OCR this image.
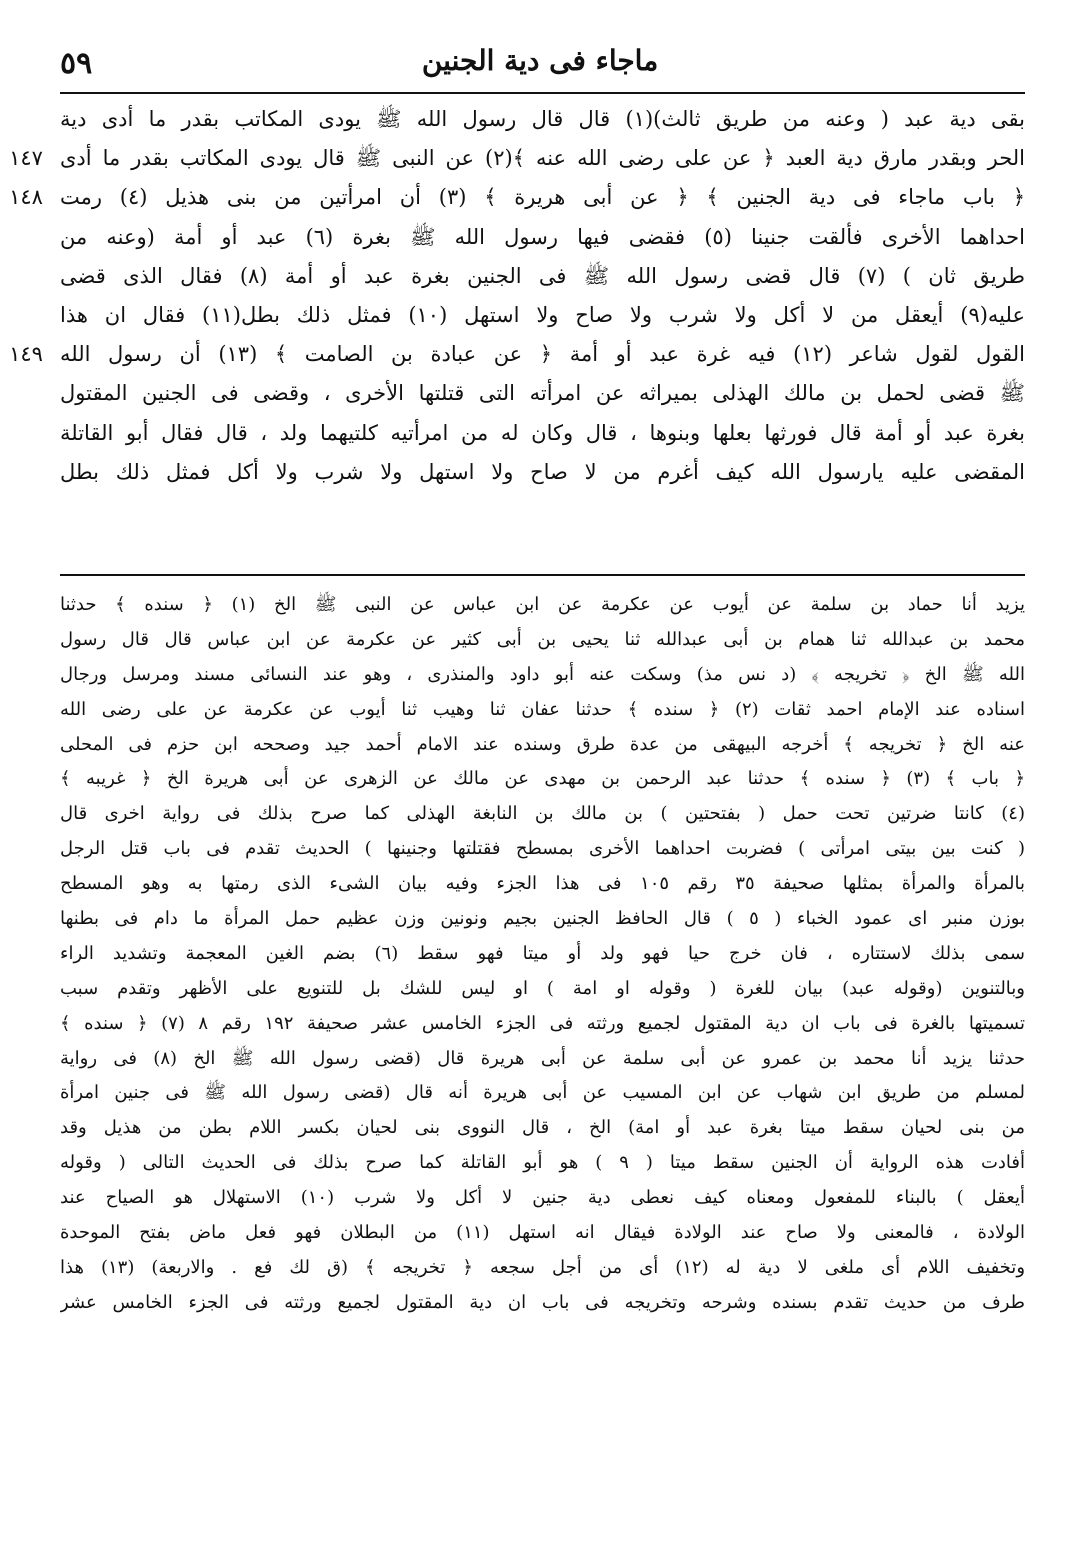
٥٩	ماجاء فى دية الجنين
بقى دية عبد ( وعنه من طريق ثالث)(١) قال قال رسول الله ﷺ يودى المكاتب بقدر ما أدى دية
١٤٧ الحر وبقدر مارق دية العبد ﴿ عن على رضى الله عنه ﴾(٢) عن النبى ﷺ قال يودى المكاتب بقدر ما أدى
١٤٨ ﴿ باب ماجاء فى دية الجنين ﴾ ﴿ عن أبى هريرة ﴾ (٣) أن امرأتين من بنى هذيل (٤) رمت
احداهما الأخرى فألقت جنينا (٥) فقضى فيها رسول الله ﷺ بغرة (٦) عبد أو أمة (وعنه من
طريق ثان ) (٧) قال قضى رسول الله ﷺ فى الجنين بغرة عبد أو أمة (٨) فقال الذى قضى
عليه(٩) أيعقل من لا أكل ولا شرب ولا صاح ولا استهل (١٠) فمثل ذلك بطل(١١) فقال ان هذا
١٤٩ القول لقول شاعر (١٢) فيه غرة عبد أو أمة ﴿ عن عبادة بن الصامت ﴾ (١٣) أن رسول الله
ﷺ قضى لحمل بن مالك الهذلى بميراثه عن امرأته التى قتلتها الأخرى ، وقضى فى الجنين المقتول
بغرة عبد أو أمة قال فورثها بعلها وبنوها ، قال وكان له من امرأتيه كلتيهما ولد ، قال فقال أبو القاتلة
المقضى عليه يارسول الله كيف أغرم من لا صاح ولا استهل ولا شرب ولا أكل فمثل ذلك بطل
يزيد أنا حماد بن سلمة عن أيوب عن عكرمة عن ابن عباس عن النبى ﷺ الخ (١) ﴿ سنده ﴾ حدثنا
محمد بن عبدالله ثنا همام بن أبى عبدالله ثنا يحيى بن أبى كثير عن عكرمة عن ابن عباس قال قال رسول
الله ﷺ الخ ﴿ تخريجه ﴾ (د نس مذ) وسكت عنه أبو داود والمنذرى ، وهو عند النسائى مسند ومرسل ورجال
اسناده عند الإمام احمد ثقات (٢) ﴿ سنده ﴾ حدثنا عفان ثنا وهيب ثنا أيوب عن عكرمة عن على رضى الله
عنه الخ ﴿ تخريجه ﴾ أخرجه البيهقى من عدة طرق وسنده عند الامام أحمد جيد وصححه ابن حزم فى المحلى
﴿ باب ﴾ (٣) ﴿ سنده ﴾ حدثنا عبد الرحمن بن مهدى عن مالك عن الزهرى عن أبى هريرة الخ ﴿ غريبه ﴾
(٤) كانتا ضرتين تحت حمل ( بفتحتين ) بن مالك بن النابغة الهذلى كما صرح بذلك فى رواية اخرى قال
( كنت بين بيتى امرأتى ) فضربت احداهما الأخرى بمسطح فقتلتها وجنينها ) الحديث تقدم فى باب قتل الرجل
بالمرأة والمرأة بمثلها صحيفة ٣٥ رقم ١٠٥ فى هذا الجزء وفيه بيان الشىء الذى رمتها به وهو المسطح
بوزن منبر اى عمود الخباء ( ٥ ) قال الحافظ الجنين بجيم ونونين وزن عظيم حمل المرأة ما دام فى بطنها
سمى بذلك لاستتاره ، فان خرج حيا فهو ولد أو ميتا فهو سقط (٦) بضم الغين المعجمة وتشديد الراء
وبالتنوين (وقوله عبد) بيان للغرة ( وقوله او امة ) او ليس للشك بل للتنويع على الأظهر وتقدم سبب
تسميتها بالغرة فى باب ان دية المقتول لجميع ورثته فى الجزء الخامس عشر صحيفة ١٩٢ رقم ٨ (٧) ﴿ سنده ﴾
حدثنا يزيد أنا محمد بن عمرو عن أبى سلمة عن أبى هريرة قال (قضى رسول الله ﷺ الخ (٨) فى رواية
لمسلم من طريق ابن شهاب عن ابن المسيب عن أبى هريرة أنه قال (قضى رسول الله ﷺ فى جنين امرأة
من بنى لحيان سقط ميتا بغرة عبد أو امة) الخ ، قال النووى بنى لحيان بكسر اللام بطن من هذيل وقد
أفادت هذه الرواية أن الجنين سقط ميتا ( ٩ ) هو أبو القاتلة كما صرح بذلك فى الحديث التالى ( وقوله
أيعقل ) بالبناء للمفعول ومعناه كيف نعطى دية جنين لا أكل ولا شرب (١٠) الاستهلال هو الصياح عند
الولادة ، فالمعنى ولا صاح عند الولادة فيقال انه استهل (١١) من البطلان فهو فعل ماض بفتح الموحدة
وتخفيف اللام أى ملغى لا دية له (١٢) أى من أجل سجعه ﴿ تخريجه ﴾ (ق لك فع . والاربعة) (١٣) هذا
طرف من حديث تقدم بسنده وشرحه وتخريجه فى باب ان دية المقتول لجميع ورثته فى الجزء الخامس عشر
